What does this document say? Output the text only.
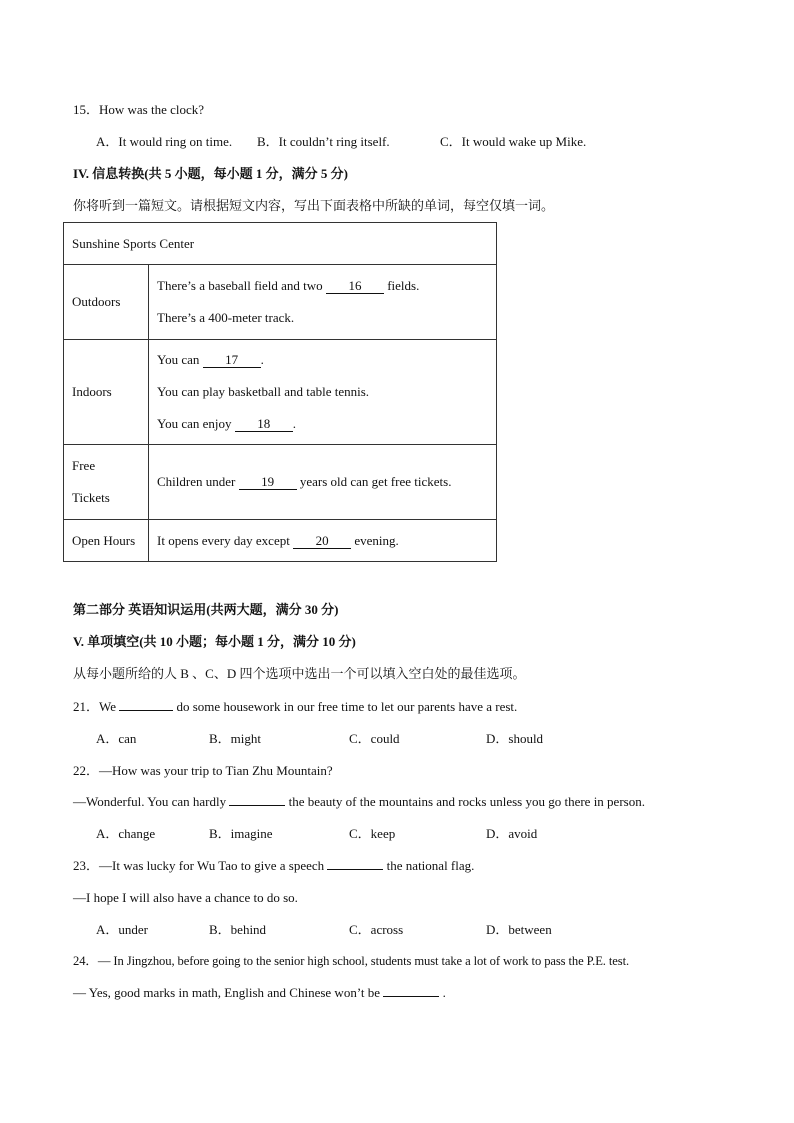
15．How was the clock?
A．It would ring on time. B．It couldn’t ring itself.	C．It would wake up Mike.
IV. 信息转换(共 5 小题，每小题 1 分，满分 5 分)
你将听到一篇短文。请根据短文内容，写出下面表格中所缺的单词，每空仅填一词。
Sunshine Sports Center	
Outdoors	There’s a baseball field and two 16 fields.
There’s a 400-meter track.

Indoors	You can 17 .
You can play basketball and table tennis.
You can enjoy 18 .

Free
Tickets	Children under 19 years old can get free tickets.

Open Hours	It opens every day except 20 evening.
第二部分 英语知识运用(共两大题，满分 30 分)
V. 单项填空(共 10 小题；每小题 1 分，满分 10 分)
从每小题所给的人 B 、C、D 四个选项中选出一个可以填入空白处的最佳选项。
21．We	do some housework in our free time to let our parents have a rest.
A．can	B．might	C．could	D．should
22．—How was your trip to Tian Zhu Mountain?
—Wonderful. You can hardly	the beauty of the mountains and rocks unless you go there in person.
A．change	B．imagine	C．keep	D．avoid
23．—It was lucky for Wu Tao to give a speech	the national flag.
—I hope I will also have a chance to do so.
A．under	B．behind	C．across	D．between
24．— In Jingzhou, before going to the senior high school, students must take a lot of work to pass the P.E. test.
— Yes, good marks in math, English and Chinese won’t be	.
